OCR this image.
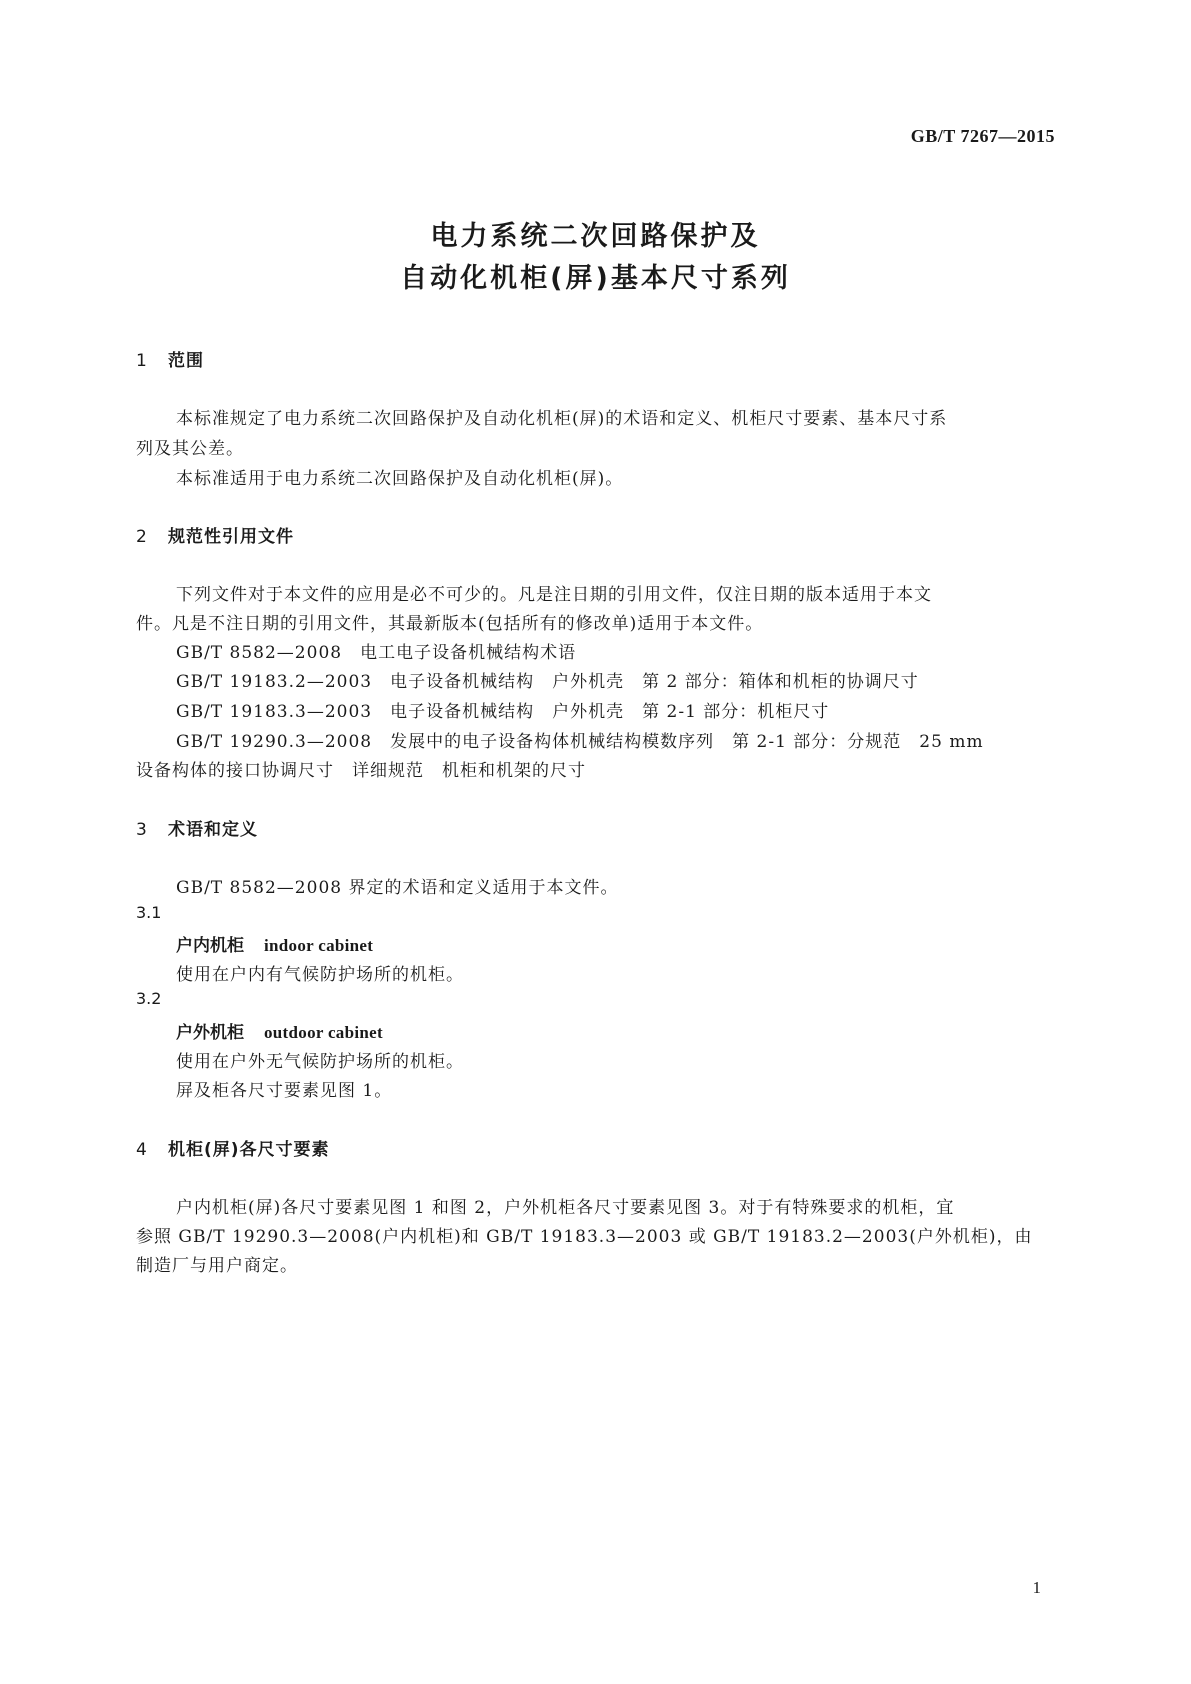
GB/T 7267—2015
电力系统二次回路保护及
自动化机柜(屏)基本尺寸系列
1 范围
本标准规定了电力系统二次回路保护及自动化机柜(屏)的术语和定义、机柜尺寸要素、基本尺寸系
列及其公差。
本标准适用于电力系统二次回路保护及自动化机柜(屏)。
2 规范性引用文件
下列文件对于本文件的应用是必不可少的。凡是注日期的引用文件，仅注日期的版本适用于本文
件。凡是不注日期的引用文件，其最新版本(包括所有的修改单)适用于本文件。
GB/T 8582—2008　电工电子设备机械结构术语
GB/T 19183.2—2003　电子设备机械结构　户外机壳　第 2 部分：箱体和机柜的协调尺寸
GB/T 19183.3—2003　电子设备机械结构　户外机壳　第 2-1 部分：机柜尺寸
GB/T 19290.3—2008　发展中的电子设备构体机械结构模数序列　第 2-1 部分：分规范　25 mm
设备构体的接口协调尺寸　详细规范　机柜和机架的尺寸
3 术语和定义
GB/T 8582—2008 界定的术语和定义适用于本文件。
3.1
户内机柜 indoor cabinet
使用在户内有气候防护场所的机柜。
3.2
户外机柜 outdoor cabinet
使用在户外无气候防护场所的机柜。
屏及柜各尺寸要素见图 1。
4 机柜(屏)各尺寸要素
户内机柜(屏)各尺寸要素见图 1 和图 2，户外机柜各尺寸要素见图 3。对于有特殊要求的机柜，宜
参照 GB/T 19290.3—2008(户内机柜)和 GB/T 19183.3—2003 或 GB/T 19183.2—2003(户外机柜)，由
制造厂与用户商定。
1
